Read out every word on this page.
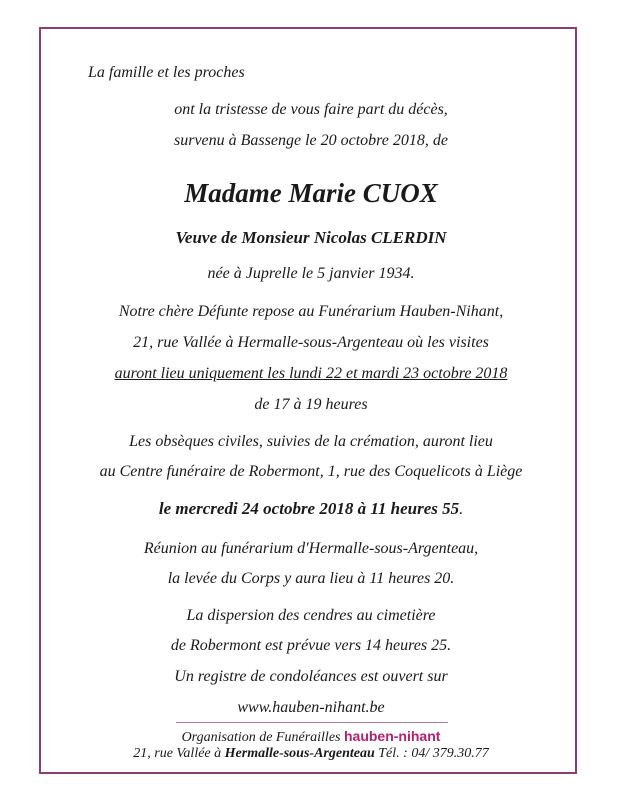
La famille et les proches
ont la tristesse de vous faire part du décès,
survenu à Bassenge le 20 octobre 2018, de
Madame Marie CUOX
Veuve de Monsieur Nicolas CLERDIN
née à Juprelle le 5 janvier 1934.
Notre chère Défunte repose au Funérarium Hauben-Nihant,
21, rue Vallée à Hermalle-sous-Argenteau où les visites
auront lieu uniquement les lundi 22 et mardi 23 octobre 2018
de 17 à 19 heures
Les obsèques civiles, suivies de la crémation, auront lieu
au Centre funéraire de Robermont, 1, rue des Coquelicots à Liège
le mercredi 24 octobre 2018 à 11 heures 55.
Réunion au funérarium d'Hermalle-sous-Argenteau,
la levée du Corps y aura lieu à 11 heures 20.
La dispersion des cendres au cimetière
de Robermont est prévue vers 14 heures 25.
Un registre de condoléances est ouvert sur
www.hauben-nihant.be
Organisation de Funérailles hauben-nihant
21, rue Vallée à Hermalle-sous-Argenteau Tél. : 04/ 379.30.77
